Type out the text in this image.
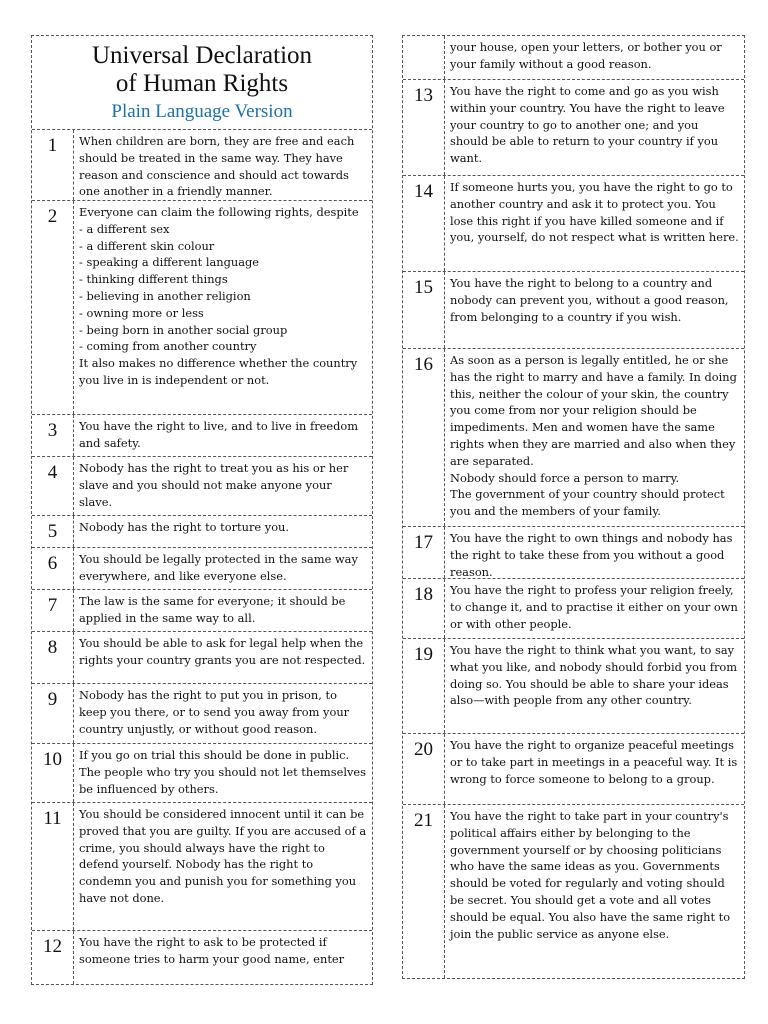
Universal Declaration
of Human Rights
Plain Language Version
1	When children are born, they are free and each should be treated in the same way. They have reason and conscience and should act towards one another in a friendly manner.
2	Everyone can claim the following rights, despite
- a different sex
- a different skin colour
- speaking a different language
- thinking different things
- believing in another religion
- owning more or less
- being born in another social group
- coming from another country
It also makes no difference whether the country you live in is independent or not.
3	You have the right to live, and to live in freedom and safety.
4	Nobody has the right to treat you as his or her slave and you should not make anyone your slave.
5	Nobody has the right to torture you.
6	You should be legally protected in the same way everywhere, and like everyone else.
7	The law is the same for everyone; it should be applied in the same way to all.
8	You should be able to ask for legal help when the rights your country grants you are not respected.
9	Nobody has the right to put you in prison, to keep you there, or to send you away from your country unjustly, or without good reason.
10	If you go on trial this should be done in public. The people who try you should not let themselves be influenced by others.
11	You should be considered innocent until it can be proved that you are guilty. If you are accused of a crime, you should always have the right to defend yourself. Nobody has the right to condemn you and punish you for something you have not done.
12	You have the right to ask to be protected if someone tries to harm your good name, enter
your house, open your letters, or bother you or your family without a good reason.
13	You have the right to come and go as you wish within your country. You have the right to leave your country to go to another one; and you should be able to return to your country if you want.
14	If someone hurts you, you have the right to go to another country and ask it to protect you. You lose this right if you have killed someone and if you, yourself, do not respect what is written here.
15	You have the right to belong to a country and nobody can prevent you, without a good reason, from belonging to a country if you wish.
16	As soon as a person is legally entitled, he or she has the right to marry and have a family. In doing this, neither the colour of your skin, the country you come from nor your religion should be impediments. Men and women have the same rights when they are married and also when they are separated.
Nobody should force a person to marry.
The government of your country should protect you and the members of your family.
17	You have the right to own things and nobody has the right to take these from you without a good reason.
18	You have the right to profess your religion freely, to change it, and to practise it either on your own or with other people.
19	You have the right to think what you want, to say what you like, and nobody should forbid you from doing so. You should be able to share your ideas also—with people from any other country.
20	You have the right to organize peaceful meetings or to take part in meetings in a peaceful way. It is wrong to force someone to belong to a group.
21	You have the right to take part in your country's political affairs either by belonging to the government yourself or by choosing politicians who have the same ideas as you. Governments should be voted for regularly and voting should be secret. You should get a vote and all votes should be equal. You also have the same right to join the public service as anyone else.
